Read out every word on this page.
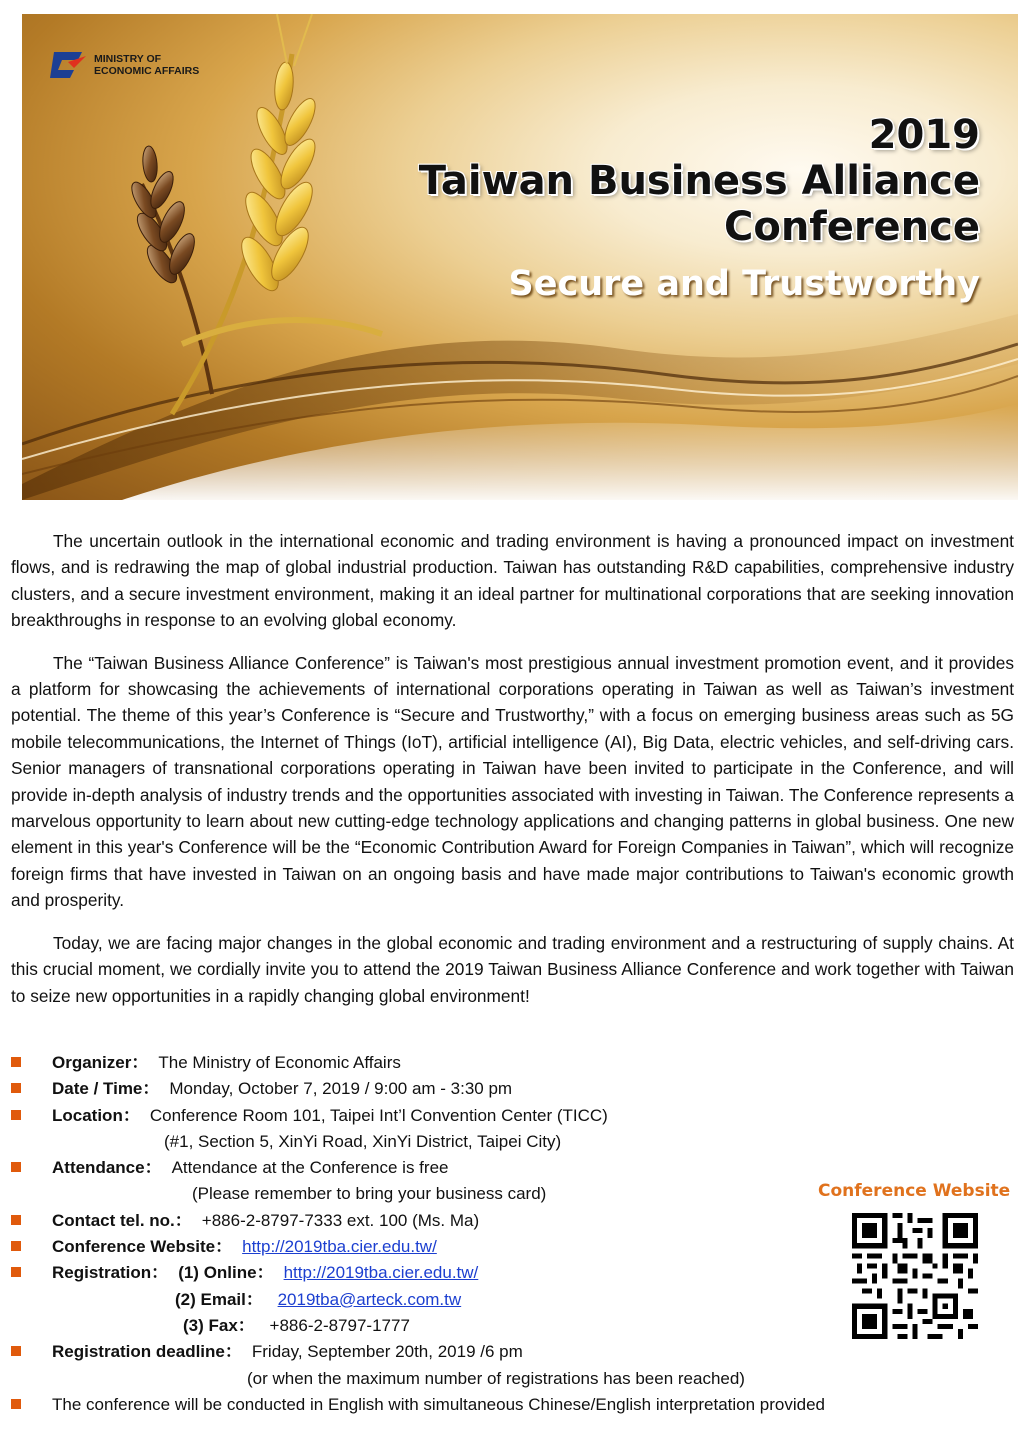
MINISTRY OF
ECONOMIC AFFAIRS
2019
Taiwan Business Alliance
Conference
Secure and Trustworthy

The uncertain outlook in the international economic and trading environment is having a pronounced impact on investment flows, and is redrawing the map of global industrial production. Taiwan has outstanding R&D capabilities, comprehensive industry clusters, and a secure investment environment, making it an ideal partner for multinational corporations that are seeking innovation breakthroughs in response to an evolving global economy.

The “Taiwan Business Alliance Conference” is Taiwan's most prestigious annual investment promotion event, and it provides a platform for showcasing the achievements of international corporations operating in Taiwan as well as Taiwan’s investment potential. The theme of this year’s Conference is “Secure and Trustworthy,” with a focus on emerging business areas such as 5G mobile telecommunications, the Internet of Things (IoT), artificial intelligence (AI), Big Data, electric vehicles, and self-driving cars. Senior managers of transnational corporations operating in Taiwan have been invited to participate in the Conference, and will provide in-depth analysis of industry trends and the opportunities associated with investing in Taiwan. The Conference represents a marvelous opportunity to learn about new cutting-edge technology applications and changing patterns in global business. One new element in this year's Conference will be the “Economic Contribution Award for Foreign Companies in Taiwan”, which will recognize foreign firms that have invested in Taiwan on an ongoing basis and have made major contributions to Taiwan's economic growth and prosperity.

Today, we are facing major changes in the global economic and trading environment and a restructuring of supply chains. At this crucial moment, we cordially invite you to attend the 2019 Taiwan Business Alliance Conference and work together with Taiwan to seize new opportunities in a rapidly changing global environment!

Organizer： The Ministry of Economic Affairs
Date / Time： Monday, October 7, 2019 / 9:00 am - 3:30 pm
Location： Conference Room 101, Taipei Int’l Convention Center (TICC)
(#1, Section 5, XinYi Road, XinYi District, Taipei City)
Attendance： Attendance at the Conference is free
(Please remember to bring your business card)
Contact tel. no.： +886-2-8797-7333 ext. 100 (Ms. Ma)
Conference Website： http://2019tba.cier.edu.tw/
Registration： (1) Online： http://2019tba.cier.edu.tw/
(2) Email： 2019tba@arteck.com.tw
(3) Fax： +886-2-8797-1777
Registration deadline： Friday, September 20th, 2019 /6 pm
(or when the maximum number of registrations has been reached)
The conference will be conducted in English with simultaneous Chinese/English interpretation provided
Conference Website
